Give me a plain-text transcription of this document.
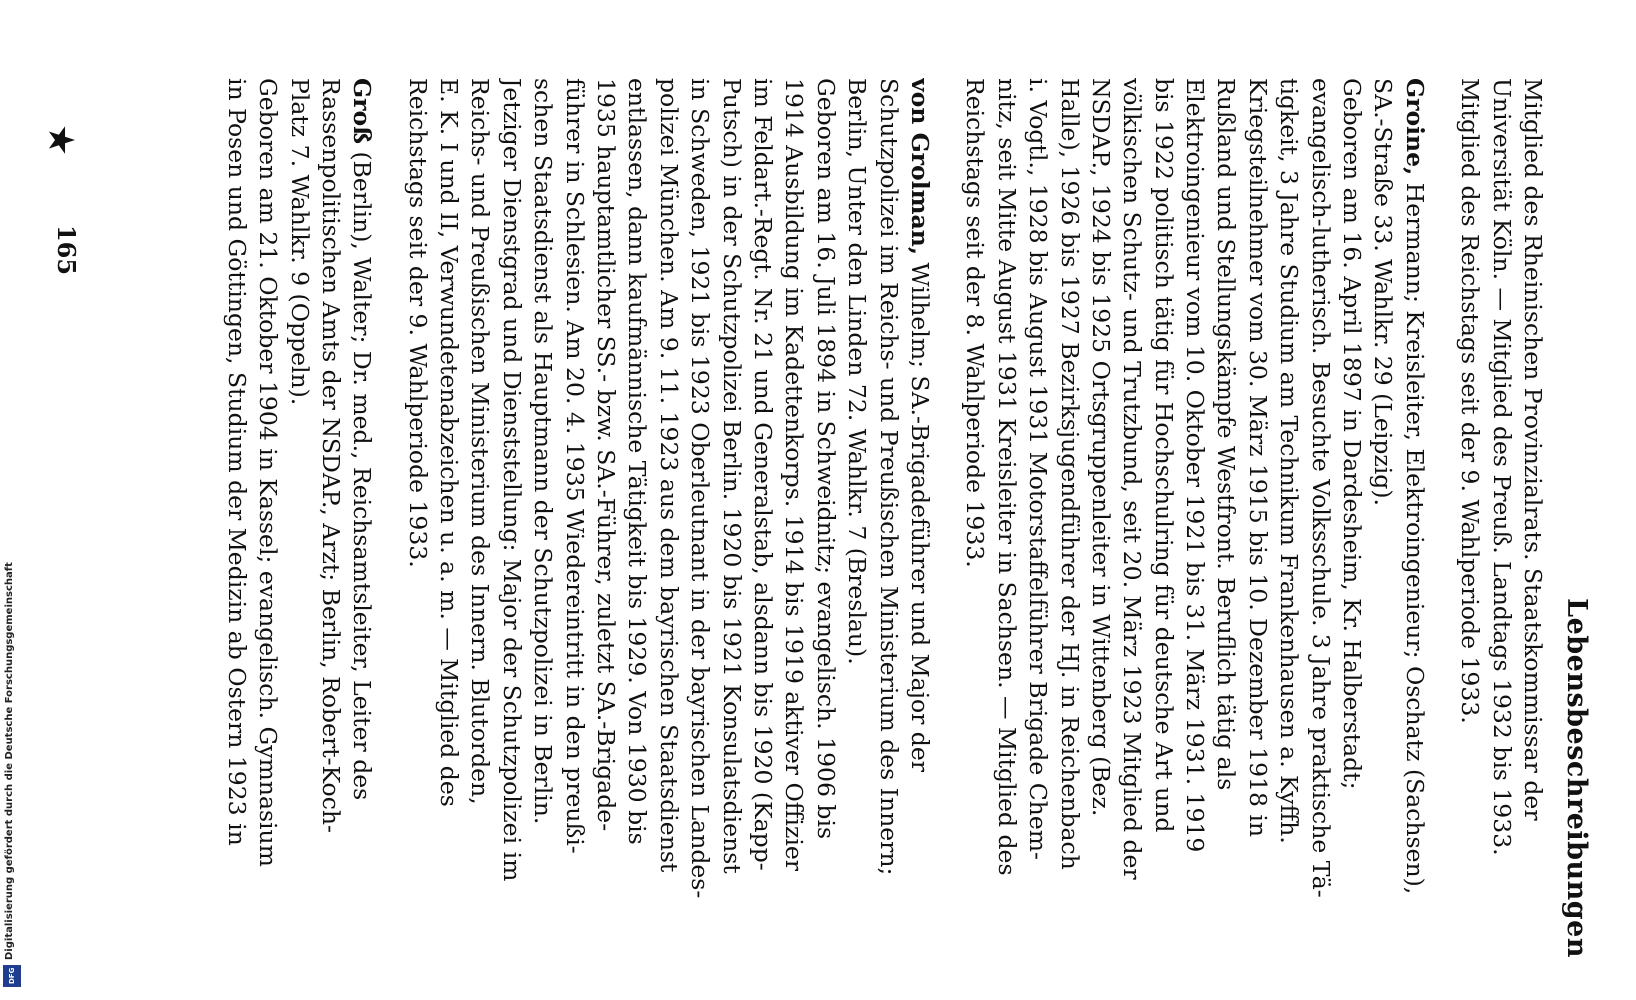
Lebensbeschreibungen
Mitglied des Rheinischen Provinzialrats. Staatskommissar der
Universität Köln. — Mitglied des Preuß. Landtags 1932 bis 1933.
Mitglied des Reichstags seit der 9. Wahlperiode 1933.
Groine, Hermann; Kreisleiter, Elektroingenieur; Oschatz (Sachsen),
SA.-Straße 33. Wahlkr. 29 (Leipzig).
Geboren am 16. April 1897 in Dardesheim, Kr. Halberstadt;
evangelisch-lutherisch. Besuchte Volksschule. 3 Jahre praktische Tä-
tigkeit, 3 Jahre Studium am Technikum Frankenhausen a. Kyffh.
Kriegsteilnehmer vom 30. März 1915 bis 10. Dezember 1918 in
Rußland und Stellungskämpfe Westfront. Beruflich tätig als
Elektroingenieur vom 10. Oktober 1921 bis 31. März 1931. 1919
bis 1922 politisch tätig für Hochschulring für deutsche Art und
völkischen Schutz- und Trutzbund, seit 20. März 1923 Mitglied der
NSDAP., 1924 bis 1925 Ortsgruppenleiter in Wittenberg (Bez.
Halle), 1926 bis 1927 Bezirksjugendführer der HJ. in Reichenbach
i. Vogtl., 1928 bis August 1931 Motorstaffelführer Brigade Chem-
nitz, seit Mitte August 1931 Kreisleiter in Sachsen. — Mitglied des
Reichstags seit der 8. Wahlperiode 1933.
von Grolman, Wilhelm; SA.-Brigadeführer und Major der
Schutzpolizei im Reichs- und Preußischen Ministerium des Innern;
Berlin, Unter den Linden 72. Wahlkr. 7 (Breslau).
Geboren am 16. Juli 1894 in Schweidnitz; evangelisch. 1906 bis
1914 Ausbildung im Kadettenkorps. 1914 bis 1919 aktiver Offizier
im Feldart.-Regt. Nr. 21 und Generalstab, alsdann bis 1920 (Kapp-
Putsch) in der Schutzpolizei Berlin. 1920 bis 1921 Konsulatsdienst
in Schweden, 1921 bis 1923 Oberleutnant in der bayrischen Landes-
polizei München. Am 9. 11. 1923 aus dem bayrischen Staatsdienst
entlassen, dann kaufmännische Tätigkeit bis 1929. Von 1930 bis
1935 hauptamtlicher SS.- bzw. SA.-Führer, zuletzt SA.-Brigade-
führer in Schlesien. Am 20. 4. 1935 Wiedereintritt in den preußi-
schen Staatsdienst als Hauptmann der Schutzpolizei in Berlin.
Jetziger Dienstgrad und Dienststellung: Major der Schutzpolizei im
Reichs- und Preußischen Ministerium des Innern. Blutorden,
E. K. I und II, Verwundetenabzeichen u. a. m. — Mitglied des
Reichstags seit der 9. Wahlperiode 1933.
Groß (Berlin), Walter; Dr. med., Reichsamtsleiter, Leiter des
Rassenpolitischen Amts der NSDAP., Arzt; Berlin, Robert-Koch-
Platz 7. Wahlkr. 9 (Oppeln).
Geboren am 21. Oktober 1904 in Kassel; evangelisch. Gymnasium
in Posen und Göttingen, Studium der Medizin ab Ostern 1923 in
★
165
Digitalisierung gefördert durch die Deutsche Forschungsgemeinschaft
DFG
